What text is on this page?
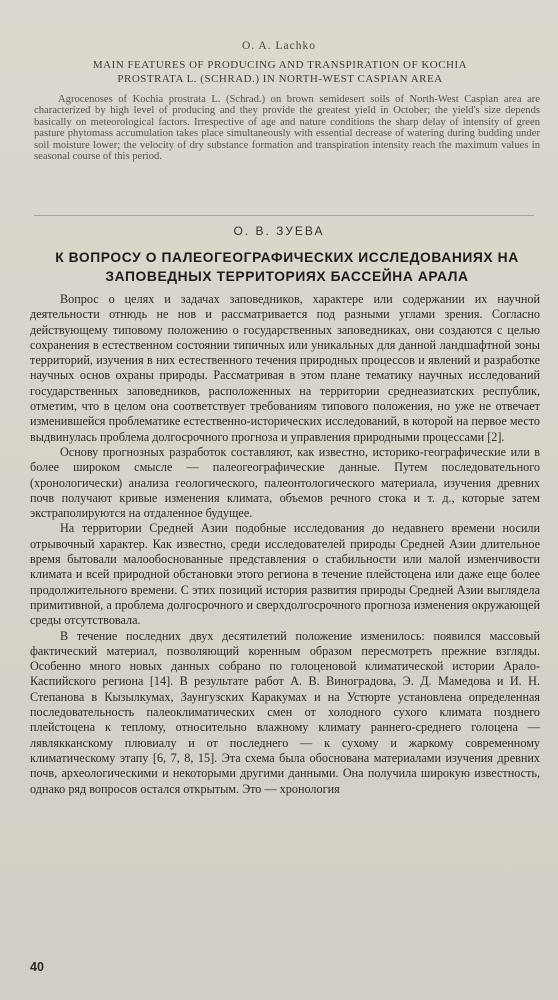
O. A. Lachko
MAIN FEATURES OF PRODUCING AND TRANSPIRATION OF KOCHIA PROSTRATA L. (SCHRAD.) IN NORTH-WEST CASPIAN AREA

Agrocenoses of Kochia prostrata L. (Schrad.) on brown semidesert soils of North-West Caspian area are characterized by high level of producing and they provide the greatest yield in October; the yield's size depends basically on meteorological factors. Irrespective of age and nature conditions the sharp delay of intensity of green pasture phytomass accumulation takes place simultaneously with essential decrease of watering during budding under soil moisture lower; the velocity of dry substance formation and transpiration intensity reach the maximum values in seasonal course of this period.

О. В. ЗУЕВА
К ВОПРОСУ О ПАЛЕОГЕОГРАФИЧЕСКИХ ИССЛЕДОВАНИЯХ НА ЗАПОВЕДНЫХ ТЕРРИТОРИЯХ БАССЕЙНА АРАЛА

Вопрос о целях и задачах заповедников, характере или содержании их научной деятельности отнюдь не нов и рассматривается под разными углами зрения. Согласно действующему типовому положению о государственных заповедниках, они создаются с целью сохранения в естественном состоянии типичных или уникальных для данной ландшафтной зоны территорий, изучения в них естественного течения природных процессов и явлений и разработке научных основ охраны природы. Рассматривая в этом плане тематику научных исследований государственных заповедников, расположенных на территории среднеазиатских республик, отметим, что в целом она соответствует требованиям типового положения, но уже не отвечает изменившейся проблематике естественно-исторических исследований, в которой на первое место выдвинулась проблема долгосрочного прогноза и управления природными процессами [2].

Основу прогнозных разработок составляют, как известно, историко-географические или в более широком смысле — палеогеографические данные. Путем последовательного (хронологически) анализа геологического, палеонтологического материала, изучения древних почв получают кривые изменения климата, объемов речного стока и т. д., которые затем экстраполируются на отдаленное будущее.

На территории Средней Азии подобные исследования до недавнего времени носили отрывочный характер. Как известно, среди исследователей природы Средней Азии длительное время бытовали малообоснованные представления о стабильности или малой изменчивости климата и всей природной обстановки этого региона в течение плейстоцена или даже еще более продолжительного времени. С этих позиций история развития природы Средней Азии выглядела примитивной, а проблема долгосрочного и сверхдолгосрочного прогноза изменения окружающей среды отсутствовала.

В течение последних двух десятилетий положение изменилось: появился массовый фактический материал, позволяющий коренным образом пересмотреть прежние взгляды. Особенно много новых данных собрано по голоценовой климатической истории Арало-Каспийского региона [14]. В результате работ А. В. Виноградова, Э. Д. Мамедова и И. Н. Степанова в Кызылкумах, Заунгузских Каракумах и на Устюрте установлена определенная последовательность палеоклиматических смен от холодного сухого климата позднего плейстоцена к теплому, относительно влажному климату раннего-среднего голоцена — лявлякканскому плювиалу и от последнего — к сухому и жаркому современному климатическому этапу [6, 7, 8, 15]. Эта схема была обоснована материалами изучения древних почв, археологическими и некоторыми другими данными. Она получила широкую известность, однако ряд вопросов остался открытым. Это — хронология

40
